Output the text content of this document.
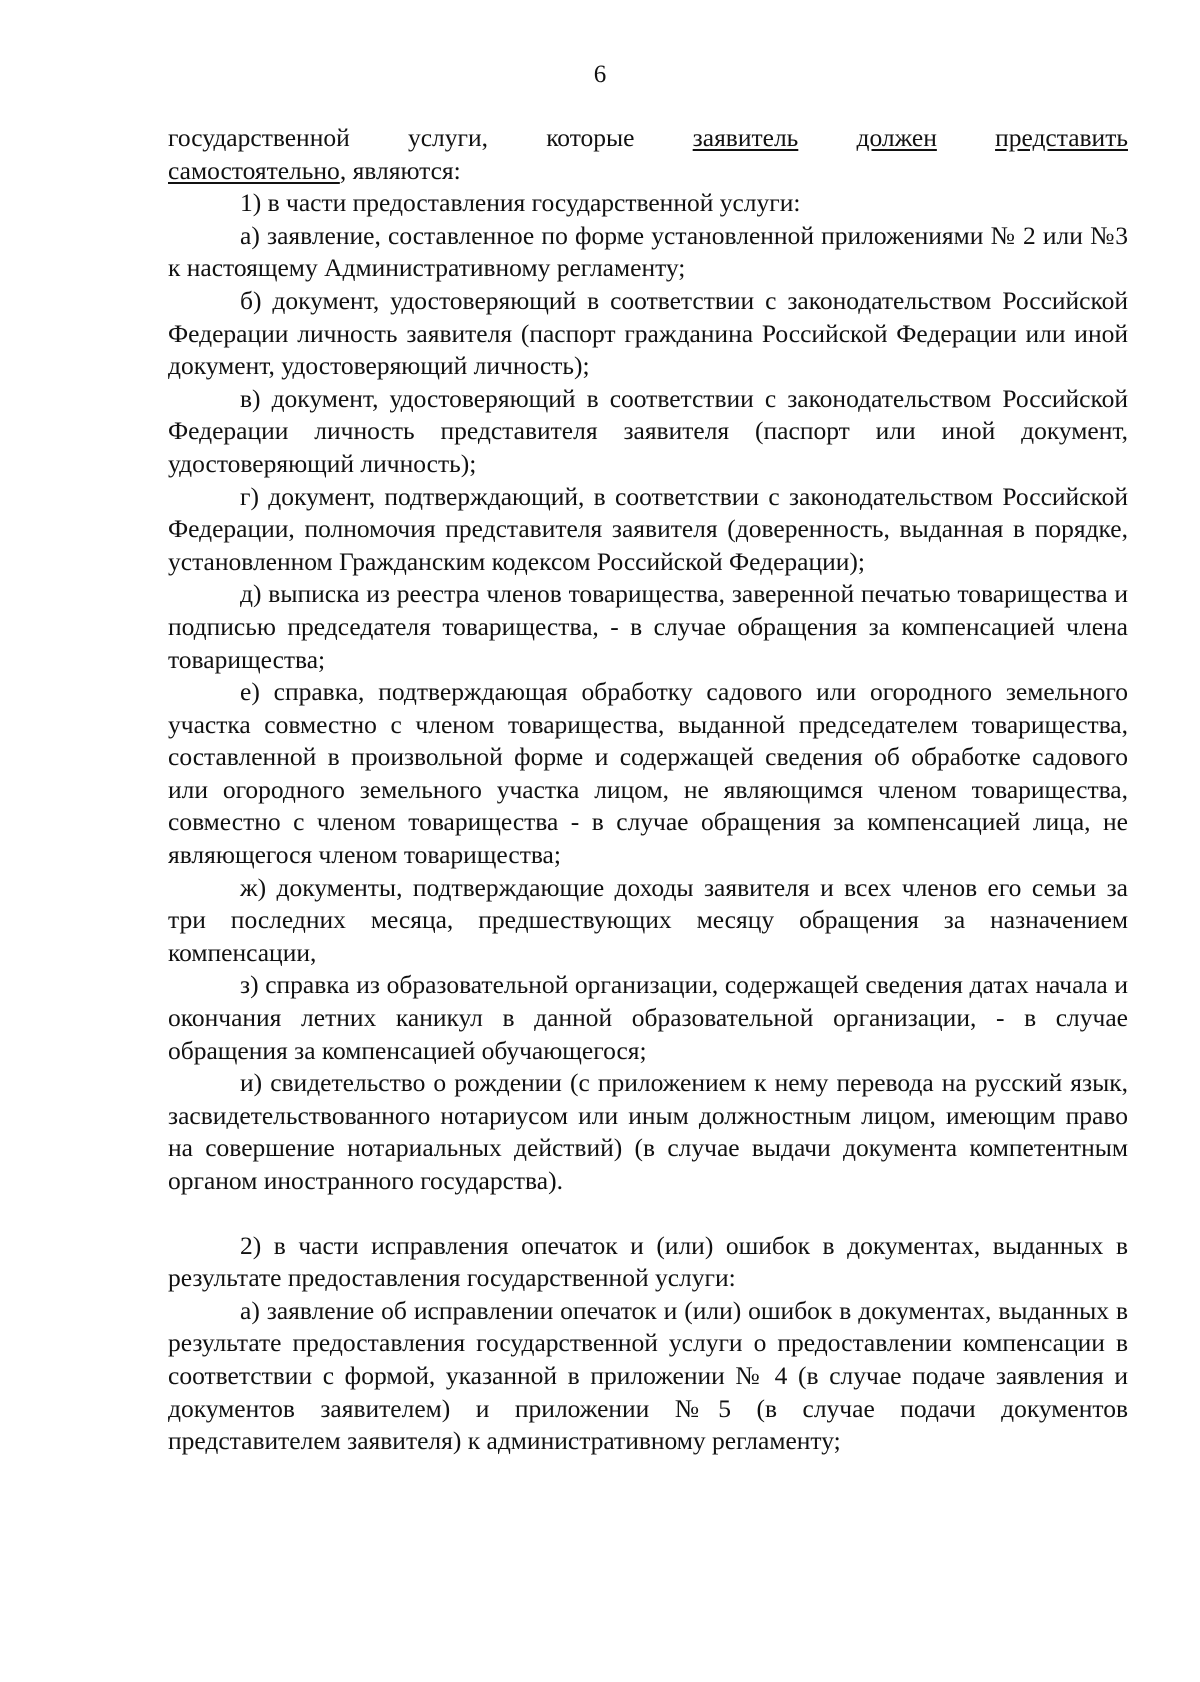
6

государственной услуги, которые заявитель должен представить
самостоятельно, являются:

1) в части предоставления государственной услуги:

а) заявление, составленное по форме установленной приложениями № 2 или №3 к настоящему Административному регламенту;

б) документ, удостоверяющий в соответствии с законодательством Российской Федерации личность заявителя (паспорт гражданина Российской Федерации или иной документ, удостоверяющий личность);

в) документ, удостоверяющий в соответствии с законодательством Российской Федерации личность представителя заявителя (паспорт или иной документ, удостоверяющий личность);

г) документ, подтверждающий, в соответствии с законодательством Российской Федерации, полномочия представителя заявителя (доверенность, выданная в порядке, установленном Гражданским кодексом Российской Федерации);

д) выписка из реестра членов товарищества, заверенной печатью товарищества и подписью председателя товарищества, - в случае обращения за компенсацией члена товарищества;

е) справка, подтверждающая обработку садового или огородного земельного участка совместно с членом товарищества, выданной председателем товарищества, составленной в произвольной форме и содержащей сведения об обработке садового или огородного земельного участка лицом, не являющимся членом товарищества, совместно с членом товарищества - в случае обращения за компенсацией лица, не являющегося членом товарищества;

ж) документы, подтверждающие доходы заявителя и всех членов его семьи за три последних месяца, предшествующих месяцу обращения за назначением компенсации,

з) справка из образовательной организации, содержащей сведения датах начала и окончания летних каникул в данной образовательной организации, - в случае обращения за компенсацией обучающегося;

и) свидетельство о рождении (с приложением к нему перевода на русский язык, засвидетельствованного нотариусом или иным должностным лицом, имеющим право на совершение нотариальных действий) (в случае выдачи документа компетентным органом иностранного государства).

2) в части исправления опечаток и (или) ошибок в документах, выданных в результате предоставления государственной услуги:

а) заявление об исправлении опечаток и (или) ошибок в документах, выданных в результате предоставления государственной услуги о предоставлении компенсации в соответствии с формой, указанной в приложении № 4 (в случае подаче заявления и документов заявителем) и приложении №5 (в случае подачи документов представителем заявителя) к административному регламенту;
